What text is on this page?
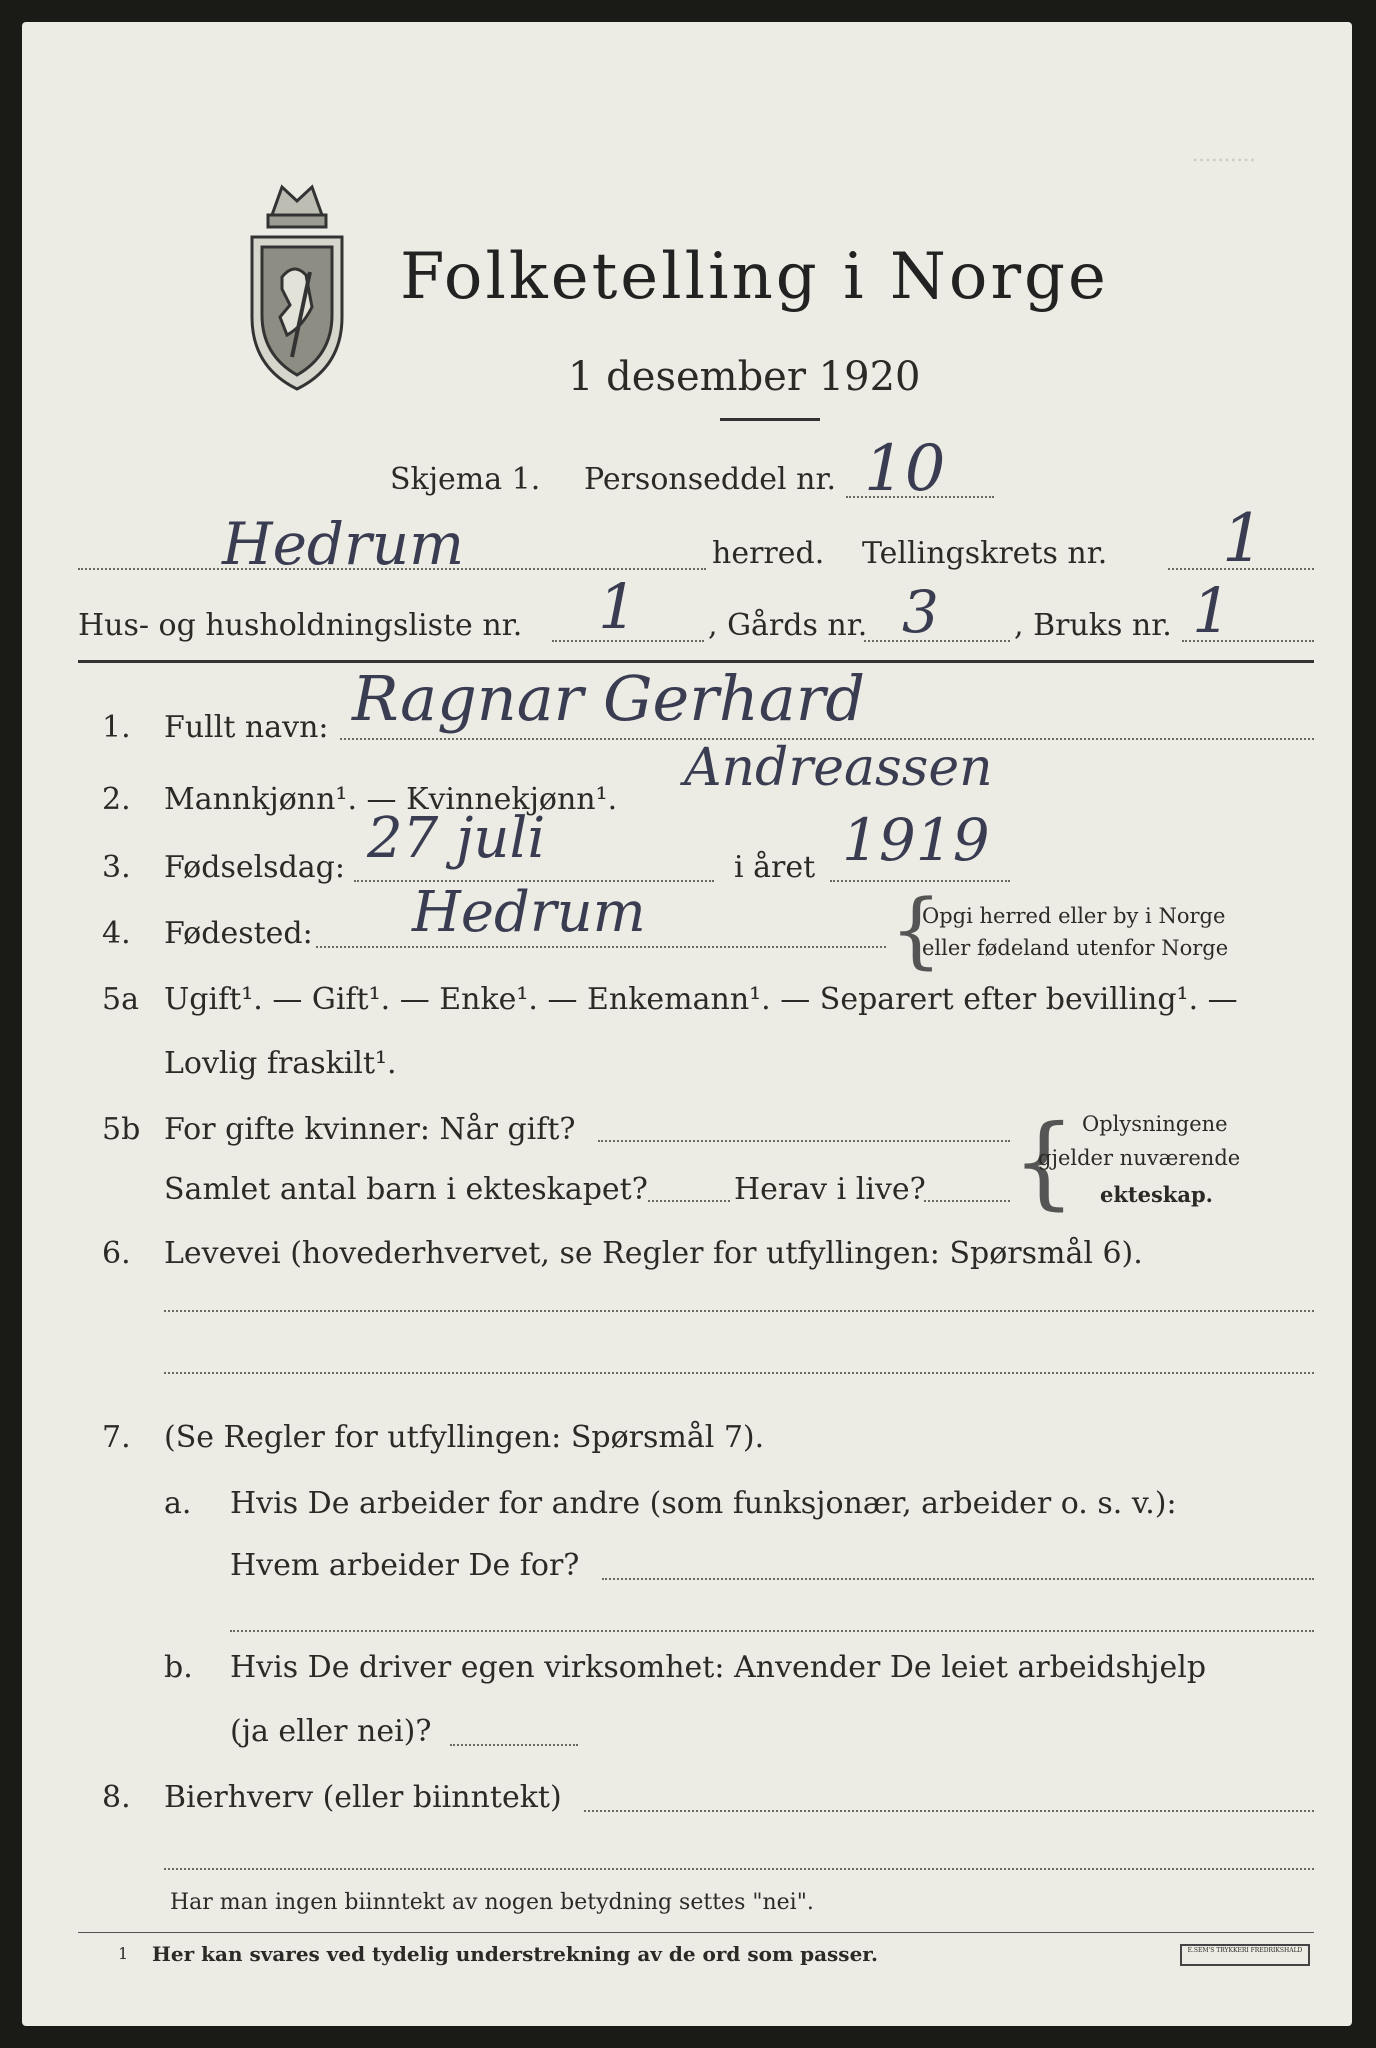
..........
Folketelling i Norge
1 desember 1920
Skjema 1. Personseddel nr. 10
Hedrum	herred. Tellingskrets nr. 1
Hus- og husholdningsliste nr. 1 , Gårds nr. 3	, Bruks nr. 1
1. Fullt navn: Ragnar Gerhard
Andreassen
2. Mannkjønn¹. — Kvinnekjønn¹.
3. Fødselsdag: 27 juli	i året 1919
4. Fødested: Hedrum	{
Opgi herred eller by i Norge
eller fødeland utenfor Norge
5a Ugift¹. — Gift¹. — Enke¹. — Enkemann¹. — Separert efter bevilling¹. —
Lovlig fraskilt¹.
5b For gifte kvinner: Når gift?
Samlet antal barn i ekteskapet?	Herav i live? { Oplysningene
gjelder nuværende
ekteskap.
6. Levevei (hovederhvervet, se Regler for utfyllingen: Spørsmål 6).
7. (Se Regler for utfyllingen: Spørsmål 7).
a. Hvis De arbeider for andre (som funksjonær, arbeider o. s. v.):
Hvem arbeider De for?
b. Hvis De driver egen virksomhet: Anvender De leiet arbeidshjelp
(ja eller nei)?
8. Bierhverv (eller biinntekt)
Har man ingen biinntekt av nogen betydning settes "nei".
1 Her kan svares ved tydelig understrekning av de ord som passer.	E.SEM'S TRYKKERI FREDRIKSHALD
